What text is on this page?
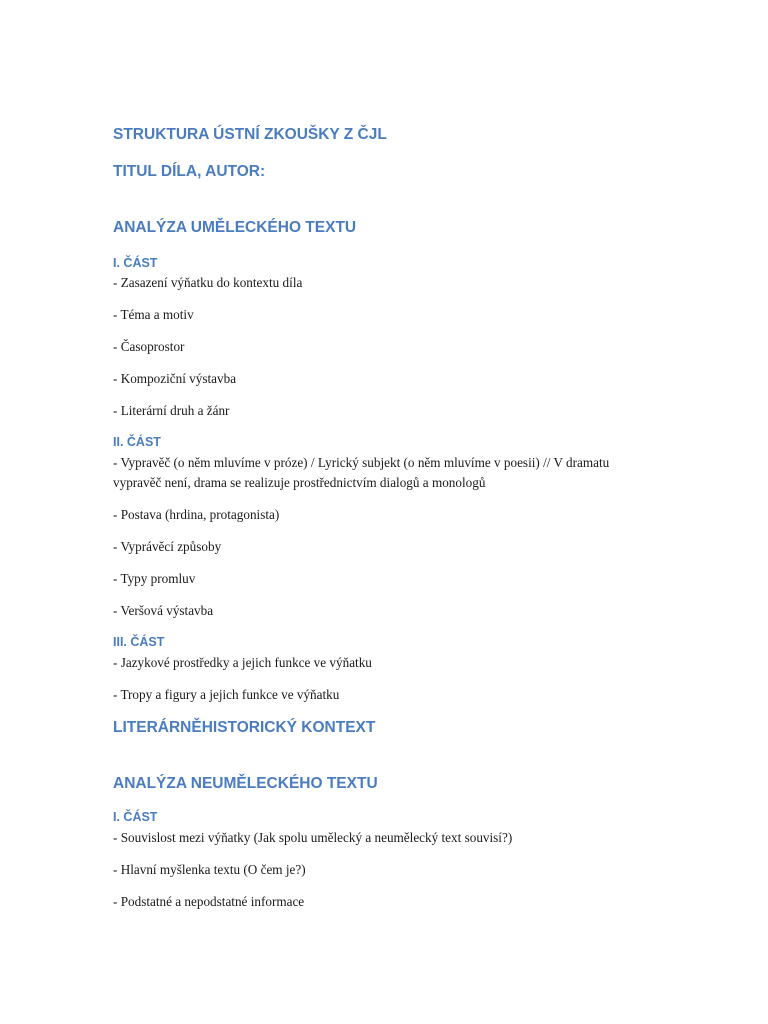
STRUKTURA ÚSTNÍ ZKOUŠKY Z ČJL
TITUL DÍLA, AUTOR:
ANALÝZA UMĚLECKÉHO TEXTU
I. ČÁST

- Zasazení výňatku do kontextu díla

- Téma a motiv

- Časoprostor

- Kompoziční výstavba

- Literární druh a žánr

II. ČÁST

- Vypravěč (o něm mluvíme v próze) / Lyrický subjekt (o něm mluvíme v poesii) // V dramatu vypravěč není, drama se realizuje prostřednictvím dialogů a monologů

- Postava (hrdina, protagonista)

- Vyprávěcí způsoby

- Typy promluv

- Veršová výstavba

III. ČÁST

- Jazykové prostředky a jejich funkce ve výňatku

- Tropy a figury a jejich funkce ve výňatku

LITERÁRNĚHISTORICKÝ KONTEXT
ANALÝZA NEUMĚLECKÉHO TEXTU
I. ČÁST

- Souvislost mezi výňatky (Jak spolu umělecký a neumělecký text souvisí?)

- Hlavní myšlenka textu (O čem je?)

- Podstatné a nepodstatné informace
